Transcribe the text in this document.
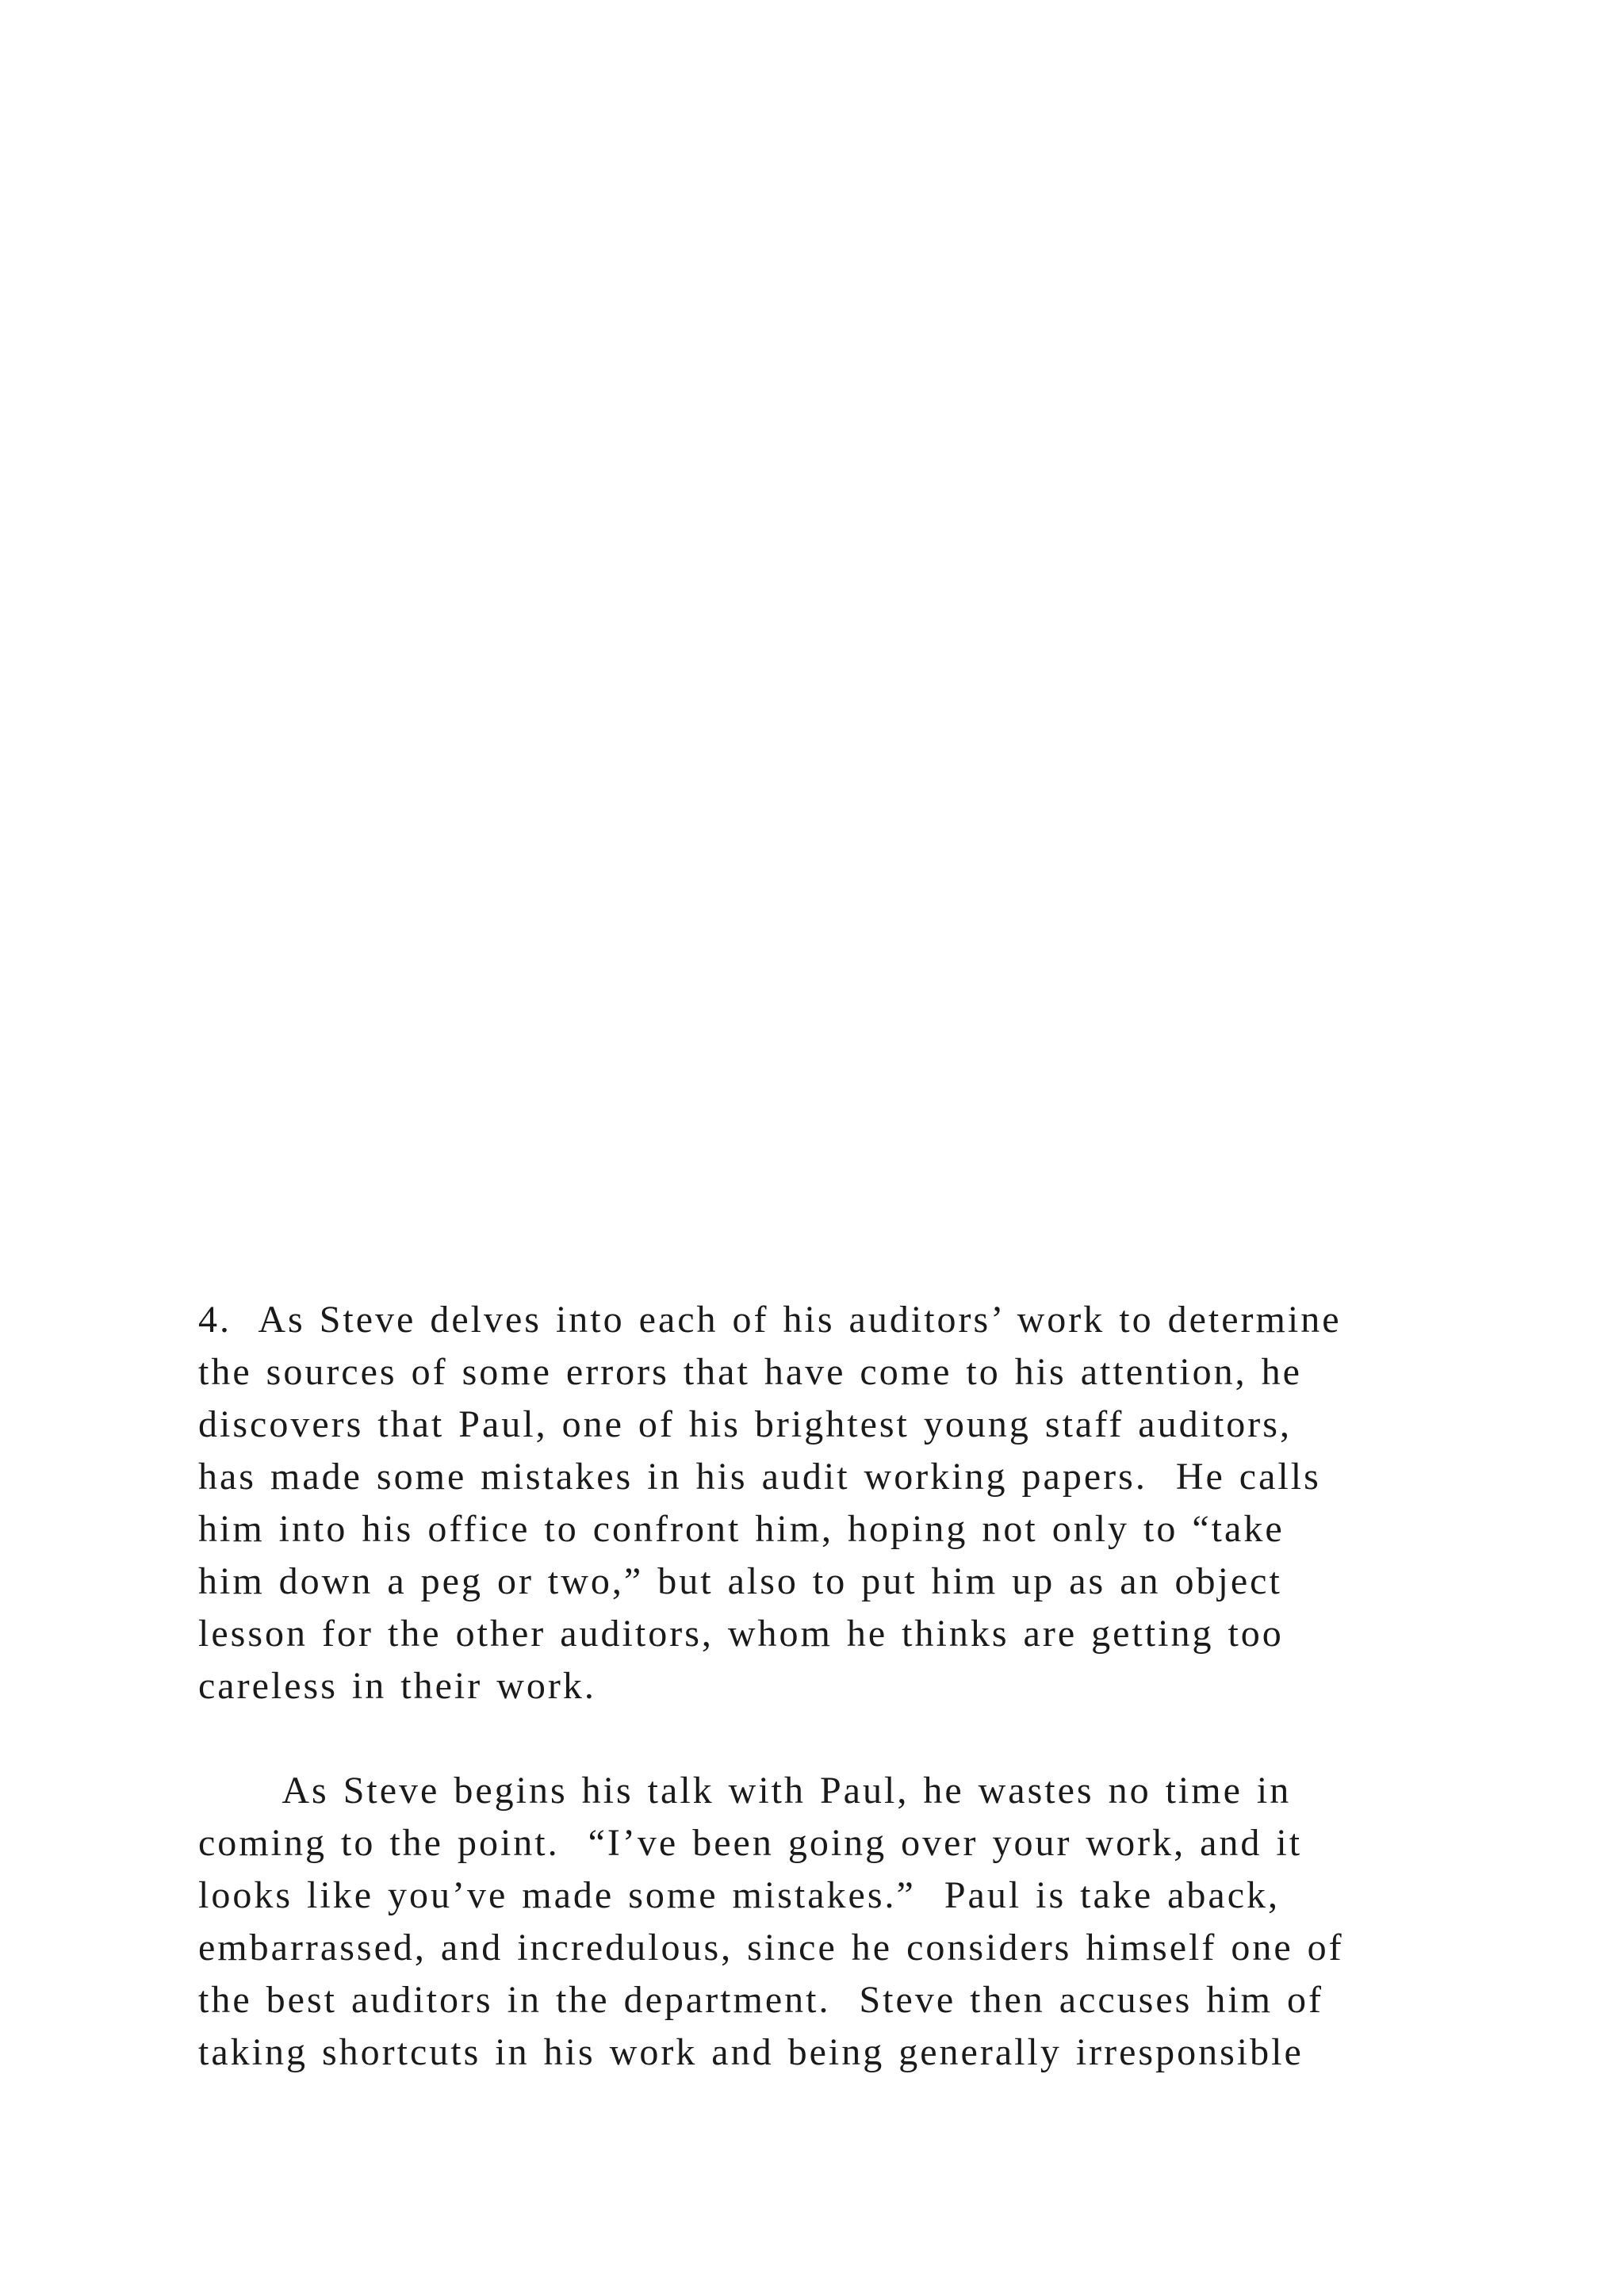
4.  As Steve delves into each of his auditors’ work to determine
the sources of some errors that have come to his attention, he
discovers that Paul, one of his brightest young staff auditors,
has made some mistakes in his audit working papers.  He calls
him into his office to confront him, hoping not only to “take
him down a peg or two,” but also to put him up as an object
lesson for the other auditors, whom he thinks are getting too
careless in their work.
As Steve begins his talk with Paul, he wastes no time in
coming to the point.  “I’ve been going over your work, and it
looks like you’ve made some mistakes.”  Paul is take aback,
embarrassed, and incredulous, since he considers himself one of
the best auditors in the department.  Steve then accuses him of
taking shortcuts in his work and being generally irresponsible
